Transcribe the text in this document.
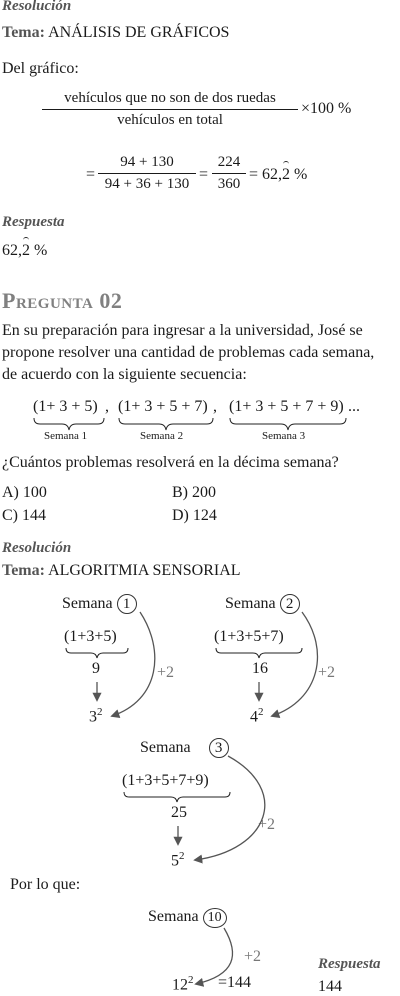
Resolución
Tema: ANÁLISIS DE GRÁFICOS
Del gráfico:
vehículos que no son de dos ruedas
vehículos en total
×100 %
=
94 + 130
94 + 36 + 130
=
224
360
= 62,2 %
Respuesta
62,2 %
Pregunta 02
En su preparación para ingresar a la universidad, José se
propone resolver una cantidad de problemas cada semana,
de acuerdo con la siguiente secuencia:
(1+ 3 + 5) , (1+ 3 + 5 + 7) , (1+ 3 + 5 + 7 + 9) ...
Semana 1	Semana 2	Semana 3
¿Cuántos problemas resolverá en la décima semana?
A) 100	B) 200
C) 144	D) 124
Resolución
Tema: ALGORITMIA SENSORIAL
Semana 1
(1+3+5)
9
$3^2$
+2
Semana 2
(1+3+5+7)
16
$4^2$
+2
Semana 3
(1+3+5+7+9)
25
$5^2$
+2
Por lo que:
Semana 10
$12^2 =144$
+2	Respuesta
144
